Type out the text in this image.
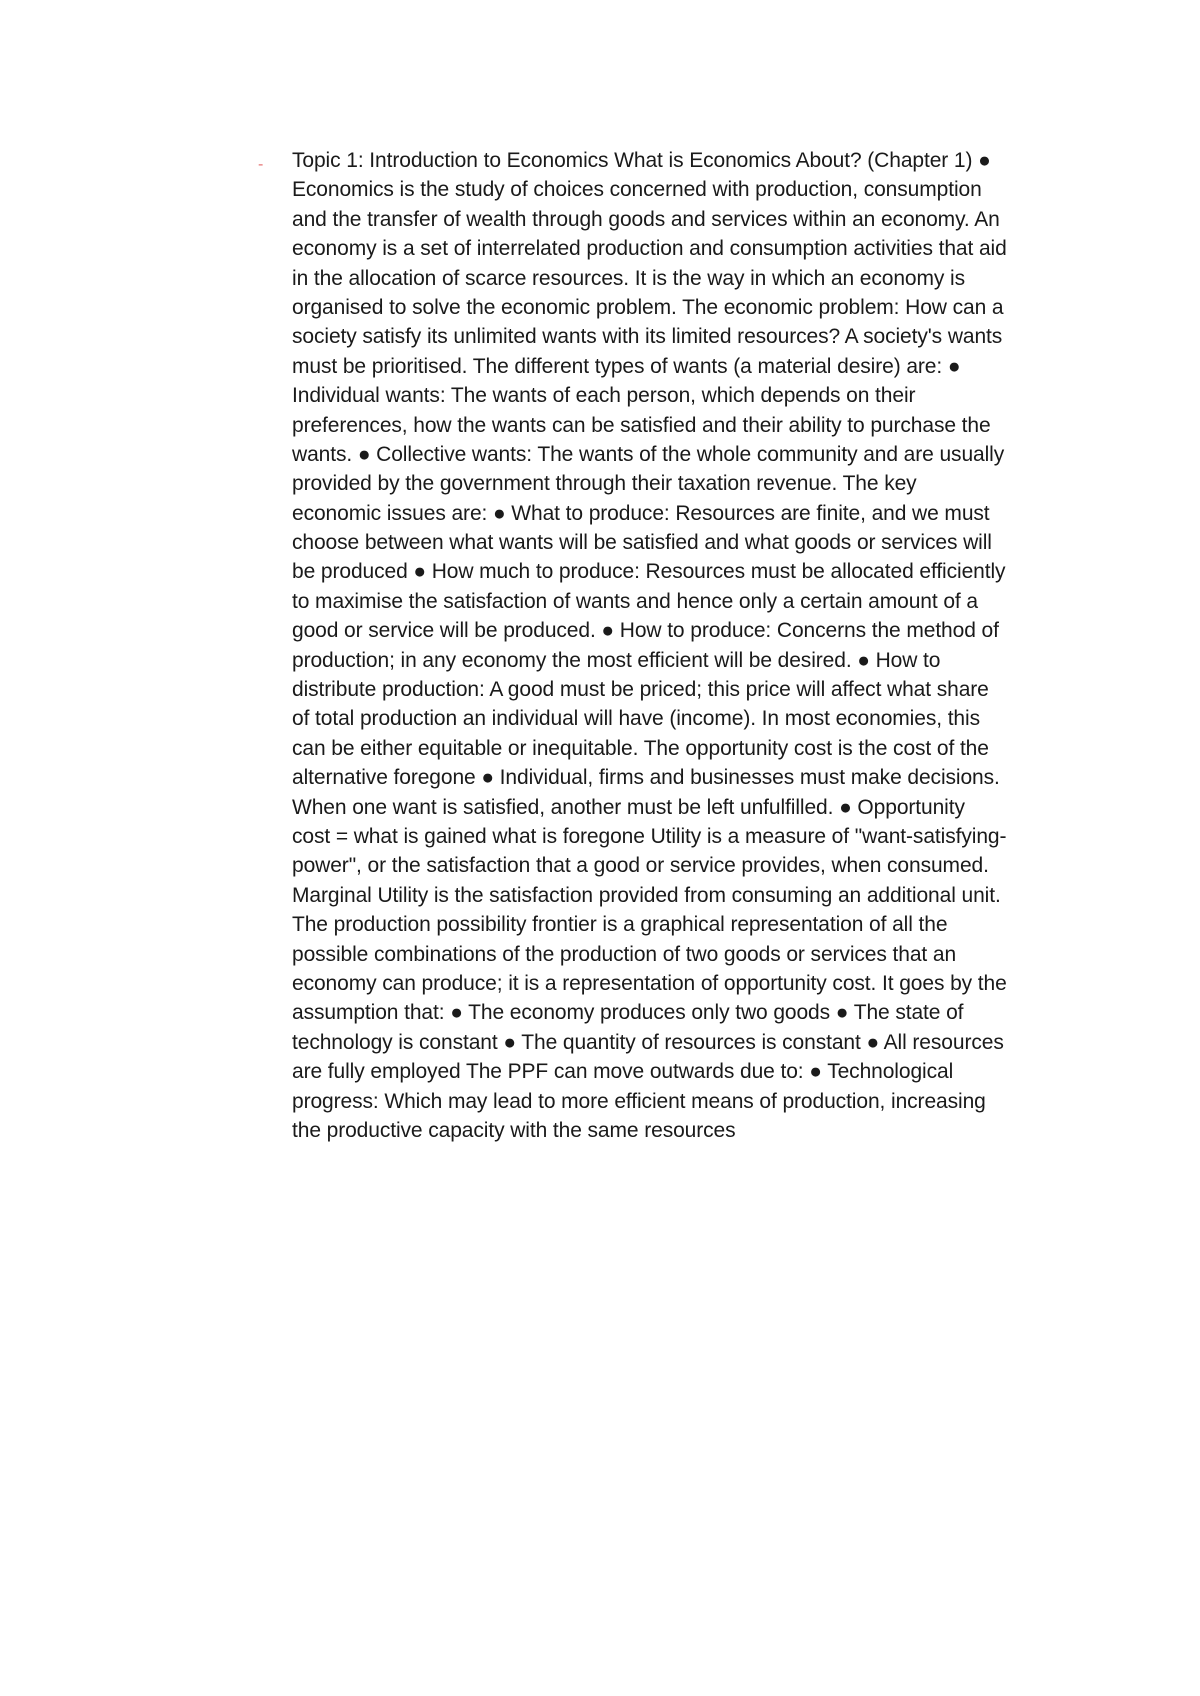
- Topic 1: Introduction to Economics What is Economics About? (Chapter 1) ●
Economics is the study of choices concerned with production, consumption
and the transfer of wealth through goods and services within an economy. An
economy is a set of interrelated production and consumption activities that aid
in the allocation of scarce resources. It is the way in which an economy is
organised to solve the economic problem. The economic problem: How can a
society satisfy its unlimited wants with its limited resources? A society's wants
must be prioritised. The different types of wants (a material desire) are: ●
Individual wants: The wants of each person, which depends on their
preferences, how the wants can be satisfied and their ability to purchase the
wants. ● Collective wants: The wants of the whole community and are usually
provided by the government through their taxation revenue. The key
economic issues are: ● What to produce: Resources are finite, and we must
choose between what wants will be satisfied and what goods or services will
be produced ● How much to produce: Resources must be allocated efficiently
to maximise the satisfaction of wants and hence only a certain amount of a
good or service will be produced. ● How to produce: Concerns the method of
production; in any economy the most efficient will be desired. ● How to
distribute production: A good must be priced; this price will affect what share
of total production an individual will have (income). In most economies, this
can be either equitable or inequitable. The opportunity cost is the cost of the
alternative foregone ● Individual, firms and businesses must make decisions.
When one want is satisfied, another must be left unfulfilled. ● Opportunity
cost = what is gained what is foregone Utility is a measure of "want-satisfying-
power", or the satisfaction that a good or service provides, when consumed.
Marginal Utility is the satisfaction provided from consuming an additional unit.
The production possibility frontier is a graphical representation of all the
possible combinations of the production of two goods or services that an
economy can produce; it is a representation of opportunity cost. It goes by the
assumption that: ● The economy produces only two goods ● The state of
technology is constant ● The quantity of resources is constant ● All resources
are fully employed The PPF can move outwards due to: ● Technological
progress: Which may lead to more efficient means of production, increasing
the productive capacity with the same resources
